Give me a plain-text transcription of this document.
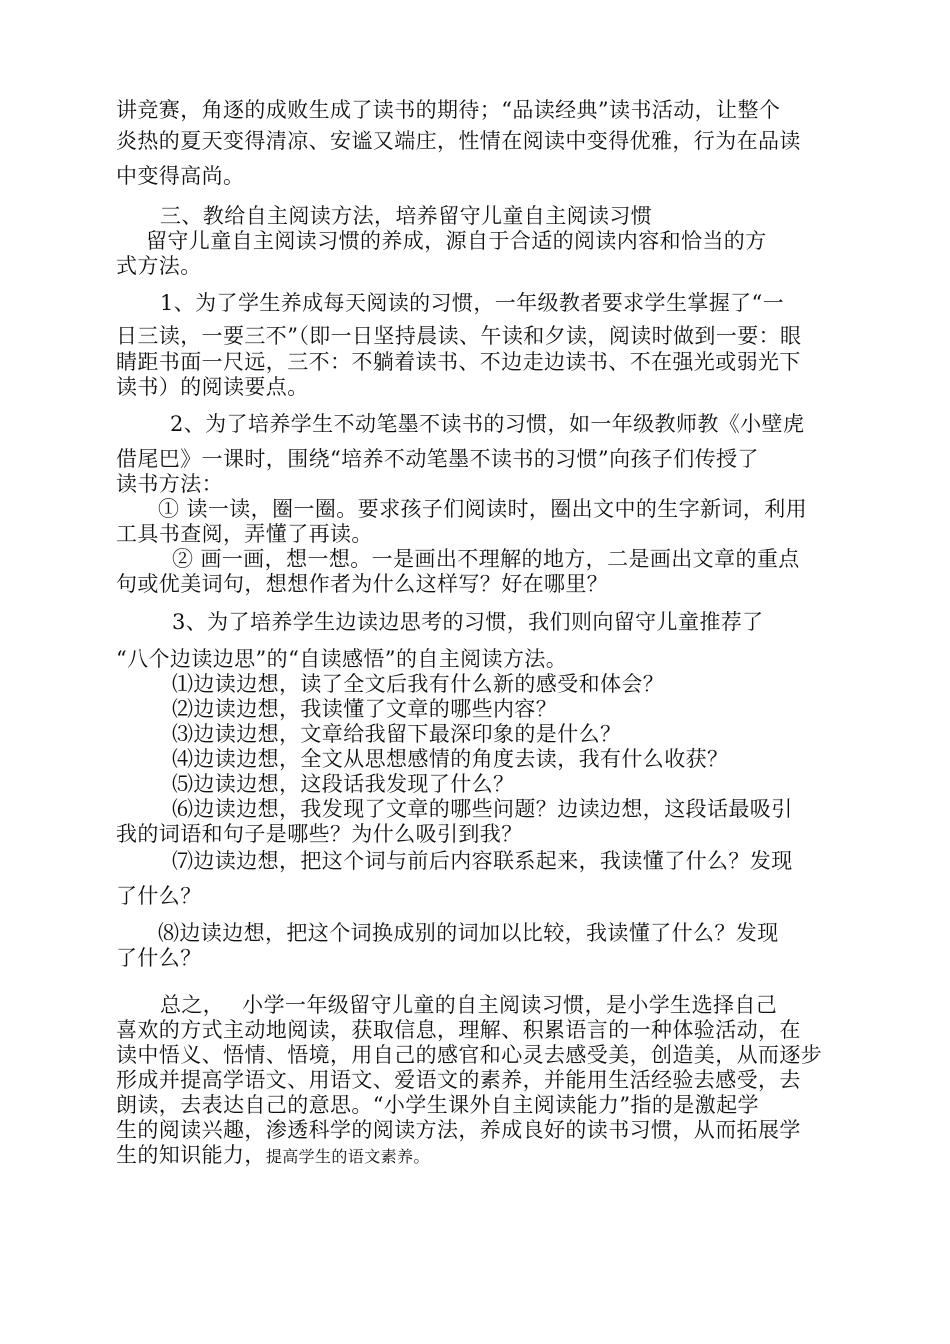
讲竞赛，角逐的成败生成了读书的期待；“品读经典”读书活动，让整个
炎热的夏天变得清凉、安谧又端庄，性情在阅读中变得优雅，行为在品读
中变得高尚。
三、教给自主阅读方法，培养留守儿童自主阅读习惯
留守儿童自主阅读习惯的养成，源自于合适的阅读内容和恰当的方
式方法。
1、为了学生养成每天阅读的习惯，一年级教者要求学生掌握了“一
日三读，一要三不”（即一日坚持晨读、午读和夕读，阅读时做到一要：眼
睛距书面一尺远，三不：不躺着读书、不边走边读书、不在强光或弱光下
读书）的阅读要点。
2、为了培养学生不动笔墨不读书的习惯，如一年级教师教《小壁虎
借尾巴》一课时，围绕“培养不动笔墨不读书的习惯”向孩子们传授了
读书方法：
① 读一读，圈一圈。要求孩子们阅读时，圈出文中的生字新词，利用
工具书查阅，弄懂了再读。
② 画一画，想一想。一是画出不理解的地方，二是画出文章的重点
句或优美词句，想想作者为什么这样写？好在哪里？
3、为了培养学生边读边思考的习惯，我们则向留守儿童推荐了
“八个边读边思”的“自读感悟”的自主阅读方法。
⑴边读边想，读了全文后我有什么新的感受和体会？
⑵边读边想，我读懂了文章的哪些内容？
⑶边读边想，文章给我留下最深印象的是什么？
⑷边读边想，全文从思想感情的角度去读，我有什么收获？
⑸边读边想，这段话我发现了什么？
⑹边读边想，我发现了文章的哪些问题？边读边想，这段话最吸引
我的词语和句子是哪些？为什么吸引到我？
⑺边读边想，把这个词与前后内容联系起来，我读懂了什么？发现
了什么？
⑻边读边想，把这个词换成别的词加以比较，我读懂了什么？发现
了什么？
总之，　 小学一年级留守儿童的自主阅读习惯，是小学生选择自己
喜欢的方式主动地阅读，获取信息，理解、积累语言的一种体验活动，在
读中悟义、悟情、悟境，用自己的感官和心灵去感受美，创造美，从而逐步
形成并提高学语文、用语文、爱语文的素养，并能用生活经验去感受，去
朗读，去表达自己的意思。“小学生课外自主阅读能力”指的是激起学
生的阅读兴趣，渗透科学的阅读方法，养成良好的读书习惯，从而拓展学
生的知识能力，提高学生的语文素养。
